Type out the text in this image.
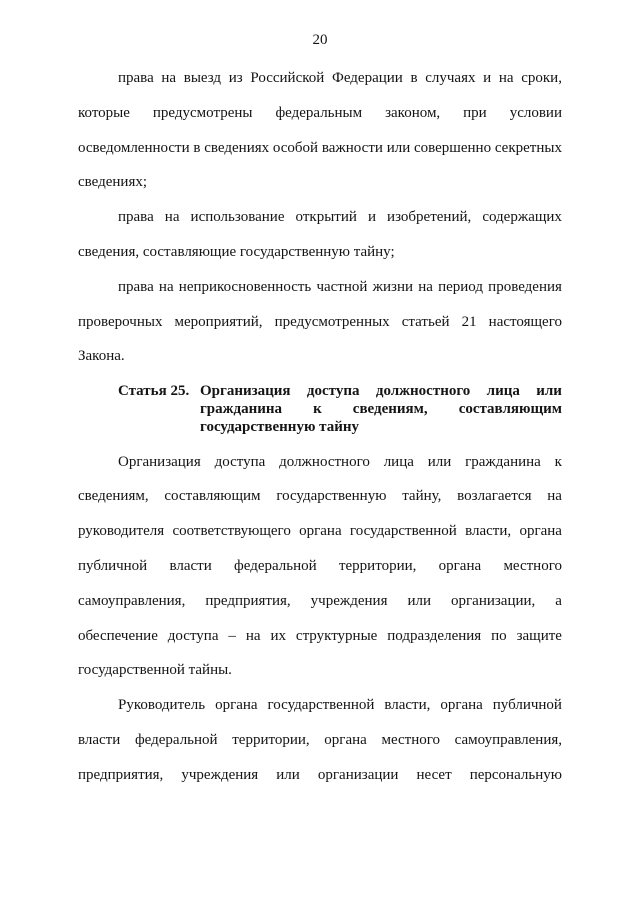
20
права на выезд из Российской Федерации в случаях и на сроки,
которые предусмотрены федеральным законом, при условии
осведомленности в сведениях особой важности или совершенно секретных
сведениях;
права на использование открытий и изобретений, содержащих
сведения, составляющие государственную тайну;
права на неприкосновенность частной жизни на период проведения
проверочных мероприятий, предусмотренных статьей 21 настоящего
Закона.
Статья 25. Организация доступа должностного лица или
гражданина к сведениям, составляющим
государственную тайну
Организация доступа должностного лица или гражданина к
сведениям, составляющим государственную тайну, возлагается на
руководителя соответствующего органа государственной власти, органа
публичной власти федеральной территории, органа местного
самоуправления, предприятия, учреждения или организации, а
обеспечение доступа – на их структурные подразделения по защите
государственной тайны.
Руководитель органа государственной власти, органа публичной
власти федеральной территории, органа местного самоуправления,
предприятия, учреждения или организации несет персональную
